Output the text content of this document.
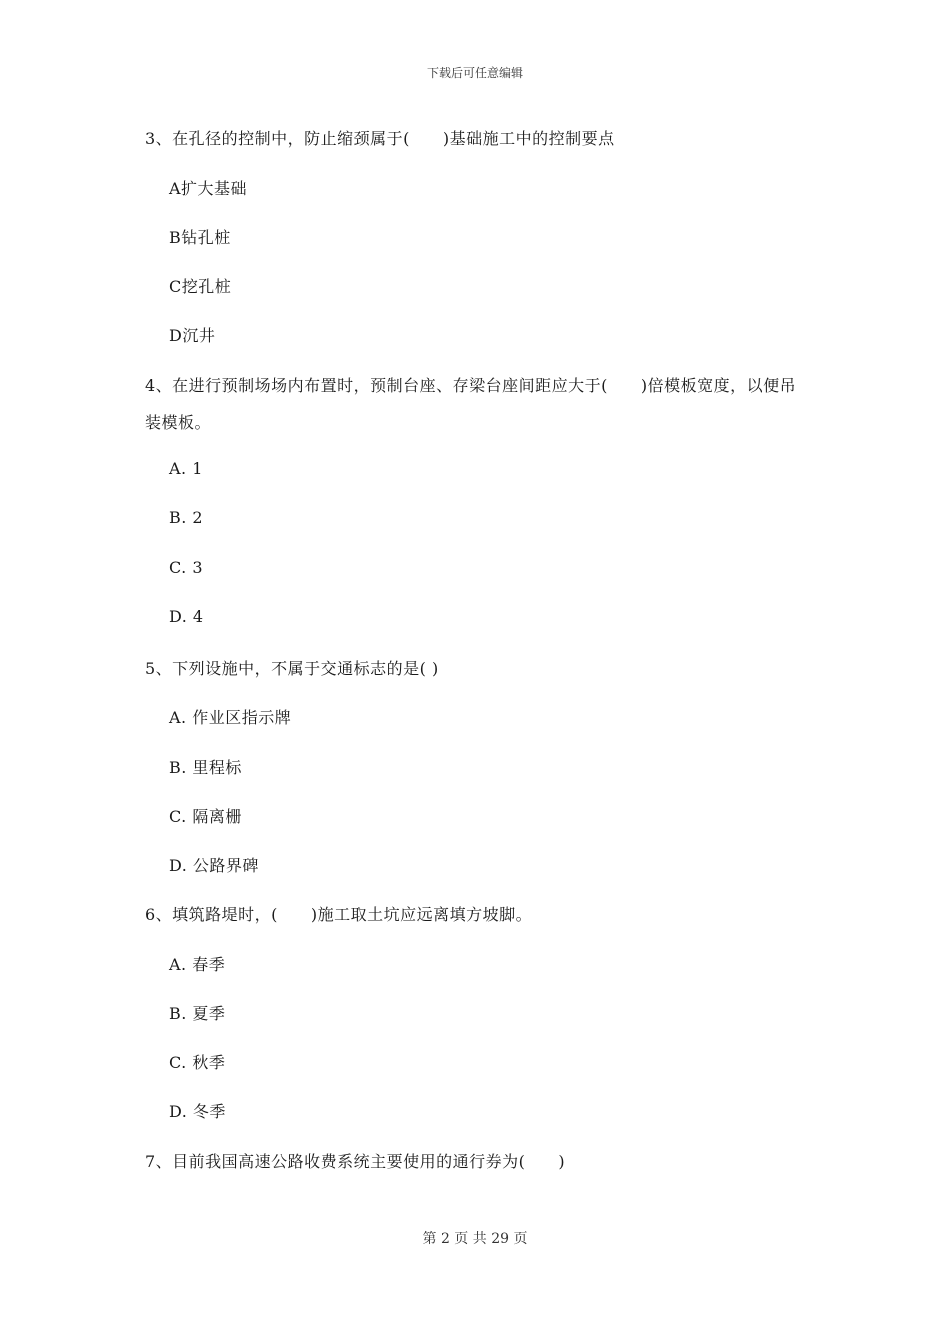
下载后可任意编辑
3、在孔径的控制中，防止缩颈属于(　　)基础施工中的控制要点
A扩大基础
B钻孔桩
C挖孔桩
D沉井
4、在进行预制场场内布置时，预制台座、存梁台座间距应大于(　　)倍模板宽度，以便吊
装模板。
A. 1
B. 2
C. 3
D. 4
5、下列设施中，不属于交通标志的是( )
A. 作业区指示牌
B. 里程标
C. 隔离栅
D. 公路界碑
6、填筑路堤时，(　　)施工取土坑应远离填方坡脚。
A. 春季
B. 夏季
C. 秋季
D. 冬季
7、目前我国高速公路收费系统主要使用的通行券为(　　)
第 2 页 共 29 页
